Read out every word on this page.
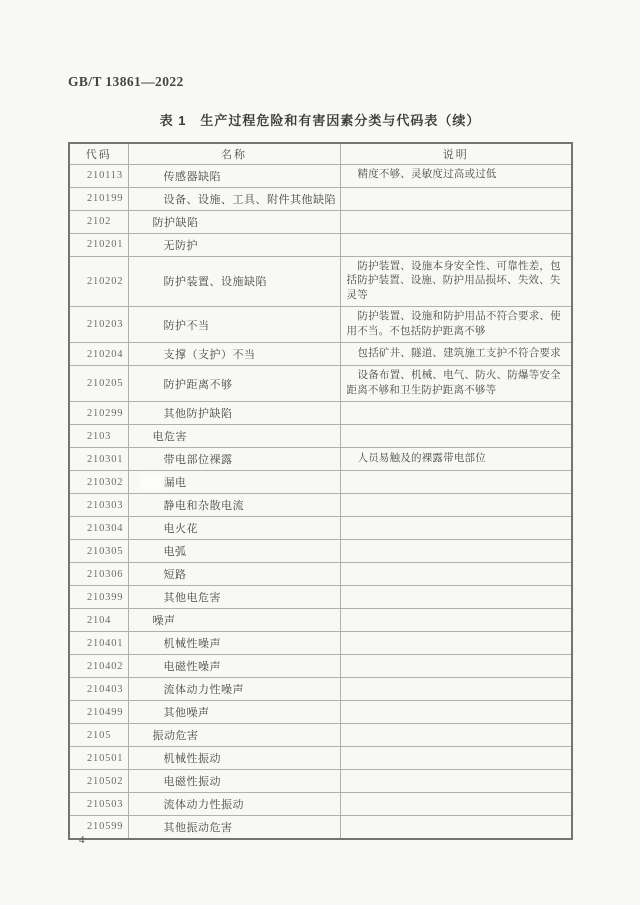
GB/T 13861—2022
表 1　生产过程危险和有害因素分类与代码表（续）
代码	名称	说明
210113	传感器缺陷	精度不够、灵敏度过高或过低
210199	设备、设施、工具、附件其他缺陷	
2102	防护缺陷	
210201	无防护	
210202	防护装置、设施缺陷	防护装置、设施本身安全性、可靠性差，包括防护装置、设施、防护用品损坏、失效、失灵等
210203	防护不当	防护装置、设施和防护用品不符合要求、使用不当。不包括防护距离不够
210204	支撑（支护）不当	包括矿井、隧道、建筑施工支护不符合要求
210205	防护距离不够	设备布置、机械、电气、防火、防爆等安全距离不够和卫生防护距离不够等
210299	其他防护缺陷	
2103	电危害	
210301	带电部位裸露	人员易触及的裸露带电部位
210302	漏电	
210303	静电和杂散电流	
210304	电火花	
210305	电弧	
210306	短路	
210399	其他电危害	
2104	噪声	
210401	机械性噪声	
210402	电磁性噪声	
210403	流体动力性噪声	
210499	其他噪声	
2105	振动危害	
210501	机械性振动	
210502	电磁性振动	
210503	流体动力性振动	
210599	其他振动危害	
4
